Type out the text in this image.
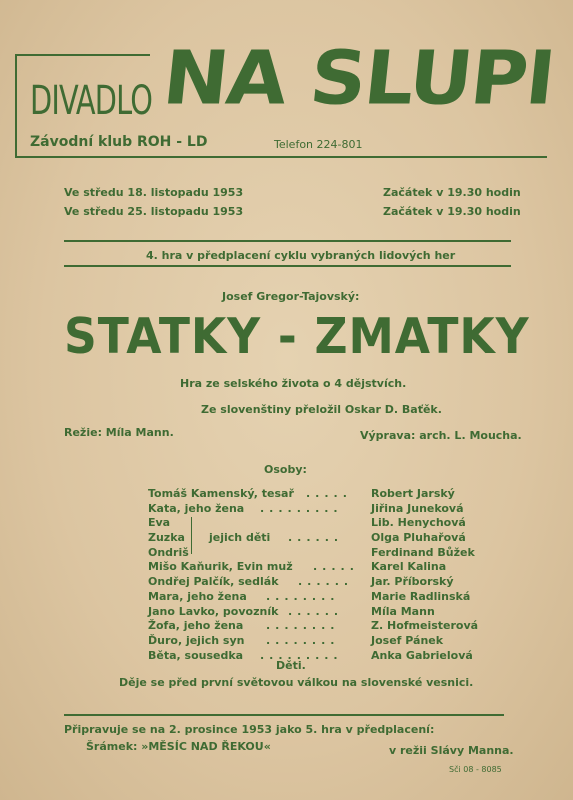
DIVADLO NA SLUPI
Závodní klub ROH - LD	Telefon 224-801
Ve středu 18. listopadu 1953	Začátek v 19.30 hodin
Ve středu 25. listopadu 1953	Začátek v 19.30 hodin
4. hra v předplacení cyklu vybraných lidových her
Josef Gregor-Tajovský:
STATKY - ZMATKY
Hra ze selského života o 4 dějstvích.
Ze slovenštiny přeložil Oskar D. Baťěk.
Režie: Míla Mann.	Výprava: arch. L. Moucha.
Osoby:
Tomáš Kamenský, tesař ..... Robert Jarský
Kata, jeho žena .........	Jiřina Juneková
Eva	Lib. Henychová
Zuzka jejich děti ......	Olga Pluhařová
Ondriš	Ferdinand Bůžek
Mišo Kaňurik, Evin muž ..... Karel Kalina
Ondřej Palčík, sedlák ...... Jar. Příborský
Mara, jeho žena ........	Marie Radlinská
Jano Lavko, povozník ......	Míla Mann
Žofa, jeho žena ........	Z. Hofmeisterová
Ďuro, jejich syn ........	Josef Pánek
Běta, sousedka .........	Anka Gabrielová
Děti.
Děje se před první světovou válkou na slovenské vesnici.
Připravuje se na 2. prosince 1953 jako 5. hra v předplacení:
Šrámek: »MĚSÍC NAD ŘEKOU«	v režii Slávy Manna.
Sči 08 - 8085
